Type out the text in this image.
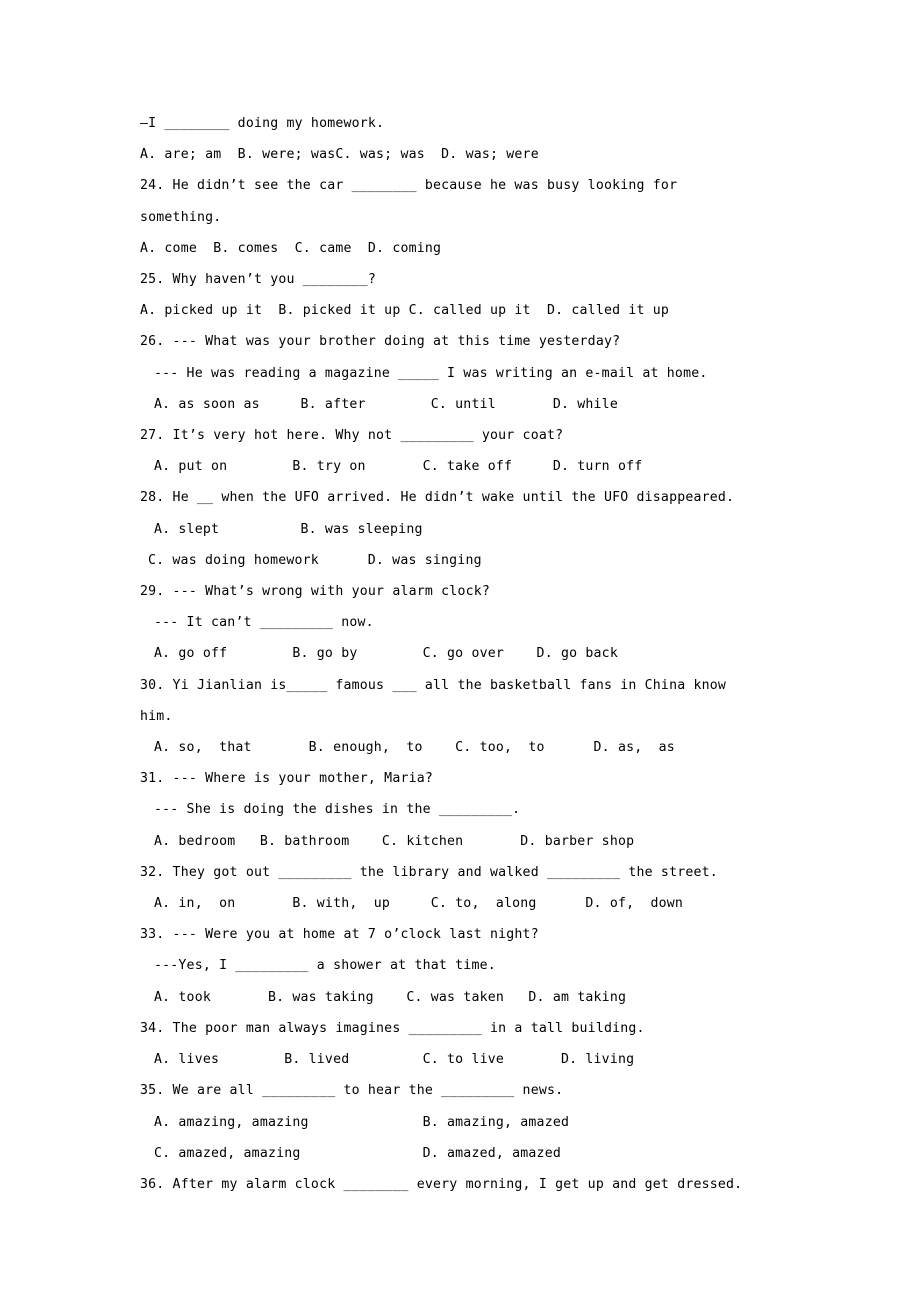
—I ________ doing my homework.
A. are; am  B. were; wasC. was; was  D. was; were
24. He didn’t see the car ________ because he was busy looking for something.
A. come  B. comes  C. came  D. coming
25. Why haven’t you ________?
A. picked up it  B. picked it up C. called up it  D. called it up
26. --- What was your brother doing at this time yesterday?
--- He was reading a magazine _____ I was writing an e-mail at home.
A. as soon as     B. after        C. until       D. while
27. It’s very hot here. Why not _________ your coat?
A. put on        B. try on       C. take off     D. turn off
28. He __ when the UFO arrived. He didn’t wake until the UFO disappeared.
A. slept          B. was sleeping
C. was doing homework      D. was singing
29. --- What’s wrong with your alarm clock?
--- It can’t _________ now.
A. go off        B. go by        C. go over    D. go back
30. Yi Jianlian is_____ famous ___ all the basketball fans in China know him.
A. so,  that       B. enough,  to    C. too,  to      D. as,  as
31. --- Where is your mother, Maria?
--- She is doing the dishes in the _________.
A. bedroom   B. bathroom    C. kitchen       D. barber shop
32. They got out _________ the library and walked _________ the street.
A. in,  on       B. with,  up     C. to,  along      D. of,  down
33. --- Were you at home at 7 o’clock last night?
---Yes, I _________ a shower at that time.
A. took       B. was taking    C. was taken   D. am taking
34. The poor man always imagines _________ in a tall building.
A. lives        B. lived         C. to live       D. living
35. We are all _________ to hear the _________ news.
A. amazing, amazing              B. amazing, amazed
C. amazed, amazing               D. amazed, amazed
36. After my alarm clock ________ every morning, I get up and get dressed.
